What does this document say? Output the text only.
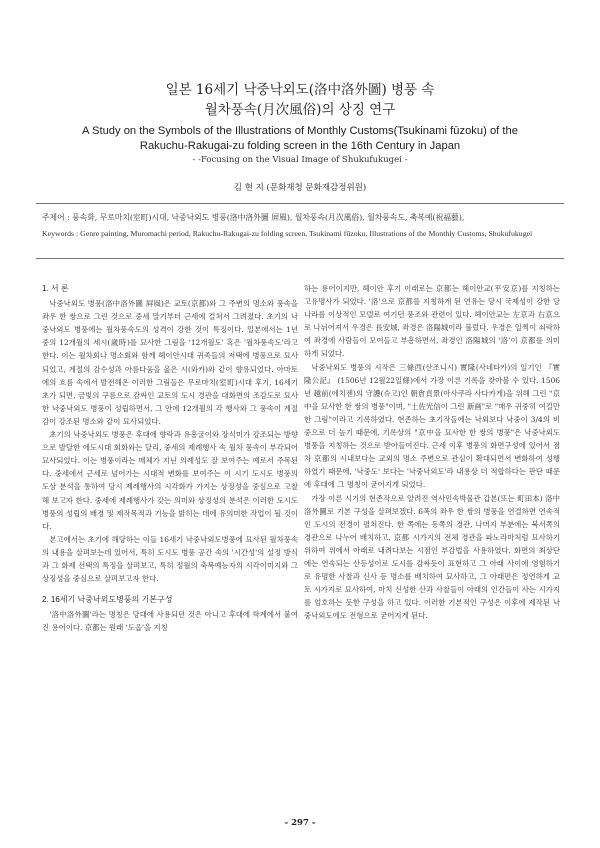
일본 16세기 낙중낙외도(洛中洛外圖) 병풍 속
월차풍속(月次風俗)의 상징 연구
A Study on the Symbols of the Illustrations of Monthly Customs(Tsukinami fūzoku) of the
Rakuchu-Rakugai-zu folding screen in the 16th Century in Japan
- -Focusing on the Visual Image of Shukufukugei -
김 현 지 (문화재청 문화재감정위원)
주제어 : 풍속화, 무로마치(室町)시대, 낙중낙외도 병풍(洛中洛外圖 屛風), 월차풍속(月次風俗), 월차풍속도, 축복예(祝福藝),
Keywords : Genre painting, Muromachi period, Rakuchu-Rakugai-zu folding screen, Tsukinami fūzoku, Illustrations of the Monthly Customs, Shukufukugei
1. 서 론

낙중낙외도 병풍(洛中洛外圖 屛風)은 교토(京都)와 그 주변의 명소와 풍속을 좌우 한 쌍으로 그린 것으로 중세 말기부터 근세에 걸쳐서 그려졌다. 초기의 낙중낙외도 병풍에는 월차풍속도의 성격이 강한 것이 특징이다. 일본에서는 1년 중의 12개월의 세시(歲時)를 묘사한 그림을 '12개월도' 혹은 '월차풍속도'라고 한다. 이는 월차회나 명소회와 함께 헤이안시대 귀족들의 저택에 병풍으로 묘사되었고, 계절의 감수성과 아름다움을 읊은 시(와카)와 같이 향유되었다. 아마토에의 흐름 속에서 발전해온 이러한 그림들은 무로마치(室町)시대 후기, 16세기 초가 되면, 금빛의 구름으로 감싸인 교토의 도시 경관을 대화면의 조감도로 묘사한 낙중낙외도 병풍이 성립하면서, 그 안에 12개월의 각 행사와 그 풍속이 계절감이 강조된 명소와 같이 묘사되었다.

초기의 낙중낙외도 병풍은 후대에 향락과 유흥굴이와 장식미가 강조되는 방향으로 발달한 에도시대 회화와는 달리, 중세의 제례행사 속 월차 풍속이 부각되어 묘사되었다. 이는 병풍이라는 매체가 지닌 의례성도 잘 보여주는 예로서 주목된다. 중세에서 근세로 넘어가는 시대적 변화를 보여주는 이 시기 도시도 병풍의 도상 분석을 통하여 당시 제례행사의 시각화가 가지는 상징성을 중심으로 고찰해 보고자 한다. 중세에 제례행사가 갖는 의미와 상징성의 분석은 이러한 도시도 병풍의 성립의 배경 및 제작목적과 기능을 밝히는 데에 유의미한 작업이 될 것이다.

본고에서는 초기에 해당하는 이들 16세기 낙중낙외도병풍에 묘사된 월차풍속의 내용을 살펴보는데 있어서, 특히 도시도 병풍 공간 속의 '시간성'의 설정 방식과 그 화제 선택의 특징을 살펴보고, 특히 정월의 축복예능자의 시각이미지와 그 상징성을 중심으로 살펴보고자 한다.

2. 16세기 낙중낙외도병풍의 기본구성

'洛中洛外圖'라는 명칭은 당대에 사용되던 것은 아니고 후대에 학계에서 붙여진 용어이다. 京都는 원래 '도읍'을 지칭

하는 용어이지만, 헤이안 후기 이래로는 京都는 헤이안교(平安京)를 지칭하는 고유명사가 되었다. '洛'으로 京都를 지칭하게 된 연유는 당시 국제성이 강한 당나라를 이상적인 모델로 여기던 풍조와 관련이 있다. 헤이안교는 左京과 右京으로 나뉘어져서 우경은 長安城, 좌경은 洛陽城이라 불렀다. 우경은 일찍이 쇠락하여 좌경에 사람들이 모여들고 부흥하면서, 좌경인 洛陽城의 '洛'이 京都를 의미하게 되었다.

낙중낙외도 병풍의 시작은 三條西(산조니시) 實隆(사네타카)의 일기인 『實隆公記』 (1506년 12월22일條)에서 가장 이른 기록을 찾아볼 수 있다. 1506년 越前(에치젠)의 守護(슈고)인 朝倉貞景(아사쿠라 사다카게)을 위해 그린 "京中을 묘사한 한 쌍의 병풍"이며, "土佐光信이 그린 新画"로 "매우 귀중히 여길만한 그림"이라고 기록하였다. 현존하는 초기작들에는 낙외보다 낙중이 3/4의 비중으로 더 높기 때문에, 기록상의 "京中을 묘사한 한 쌍의 병풍"은 낙중낙외도 병풍을 지칭하는 것으로 받아들여진다. 근세 이후 병풍의 화면구성에 있어서 점차 京都의 시내보다는 교외의 명소 주변으로 관심이 확대되면서 변화하여 성행하였기 때문에, '낙중도' 보다는 '낙중낙외도'라 내용상 더 적합하다는 판단 때문에 후대에 그 명칭이 굳어지게 되었다.

가장 이른 시기의 현존작으로 알려진 역사민속박물관 갑본(또는 町田本) 洛中洛外圖로 기본 구성을 살펴보겠다. 6폭의 좌우 한 쌍의 병풍을 연결하면 연속적인 도시의 전경이 펼쳐진다. 한 쪽에는 동쪽의 경관, 나머지 부분에는 북서쪽의 경관으로 나누어 배치하고, 京都 시가지의 전체 경관을 파노라마처럼 묘사하기 위하여 위에서 아래로 내려다보는 시점인 부감법을 사용하였다. 화면의 최상단에는 연속되는 산등성이로 도시를 감싸듯이 표현하고 그 아래 사이에 영험하기로 유명한 사찰과 신사 등 명소를 배치하여 묘사하고, 그 아래편은 정연하게 교토 시가지로 묘사하여, 마치 신성한 산과 사찰들이 아래의 인간들이 사는 시가지를 엄호하는 듯한 구성을 하고 있다. 이러한 기본적인 구성은 이후에 제작된 낙중낙외도에도 전형으로 굳어지게 된다.

- 297 -
